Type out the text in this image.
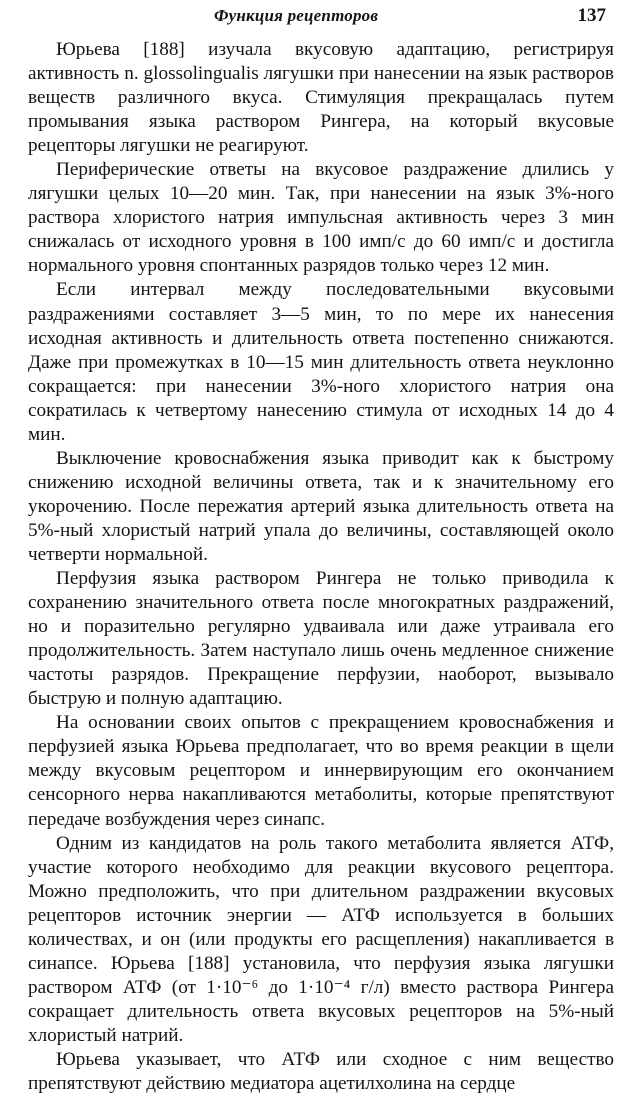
Функция рецепторов	137

Юрьева [188] изучала вкусовую адаптацию, регистрируя активность n. glossolingualis лягушки при нанесении на язык растворов веществ различного вкуса. Стимуляция прекращалась путем промывания языка раствором Рингера, на который вкусовые рецепторы лягушки не реагируют.

Периферические ответы на вкусовое раздражение длились у лягушки целых 10—20 мин. Так, при нанесении на язык 3%-ного раствора хлористого натрия импульсная активность через 3 мин снижалась от исходного уровня в 100 имп/с до 60 имп/с и достигла нормального уровня спонтанных разрядов только через 12 мин.

Если интервал между последовательными вкусовыми раздражениями составляет 3—5 мин, то по мере их нанесения исходная активность и длительность ответа постепенно снижаются. Даже при промежутках в 10—15 мин длительность ответа неуклонно сокращается: при нанесении 3%-ного хлористого натрия она сократилась к четвертому нанесению стимула от исходных 14 до 4 мин.

Выключение кровоснабжения языка приводит как к быстрому снижению исходной величины ответа, так и к значительному его укорочению. После пережатия артерий языка длительность ответа на 5%-ный хлористый натрий упала до величины, составляющей около четверти нормальной.

Перфузия языка раствором Рингера не только приводила к сохранению значительного ответа после многократных раздражений, но и поразительно регулярно удваивала или даже утраивала его продолжительность. Затем наступало лишь очень медленное снижение частоты разрядов. Прекращение перфузии, наоборот, вызывало быструю и полную адаптацию.

На основании своих опытов с прекращением кровоснабжения и перфузией языка Юрьева предполагает, что во время реакции в щели между вкусовым рецептором и иннервирующим его окончанием сенсорного нерва накапливаются метаболиты, которые препятствуют передаче возбуждения через синапс.

Одним из кандидатов на роль такого метаболита является АТФ, участие которого необходимо для реакции вкусового рецептора. Можно предположить, что при длительном раздражении вкусовых рецепторов источник энергии — АТФ используется в больших количествах, и он (или продукты его расщепления) накапливается в синапсе. Юрьева [188] установила, что перфузия языка лягушки раствором АТФ (от 1·10⁻⁶ до 1·10⁻⁴ г/л) вместо раствора Рингера сокращает длительность ответа вкусовых рецепторов на 5%-ный хлористый натрий.

Юрьева указывает, что АТФ или сходное с ним вещество препятствуют действию медиатора ацетилхолина на сердце
